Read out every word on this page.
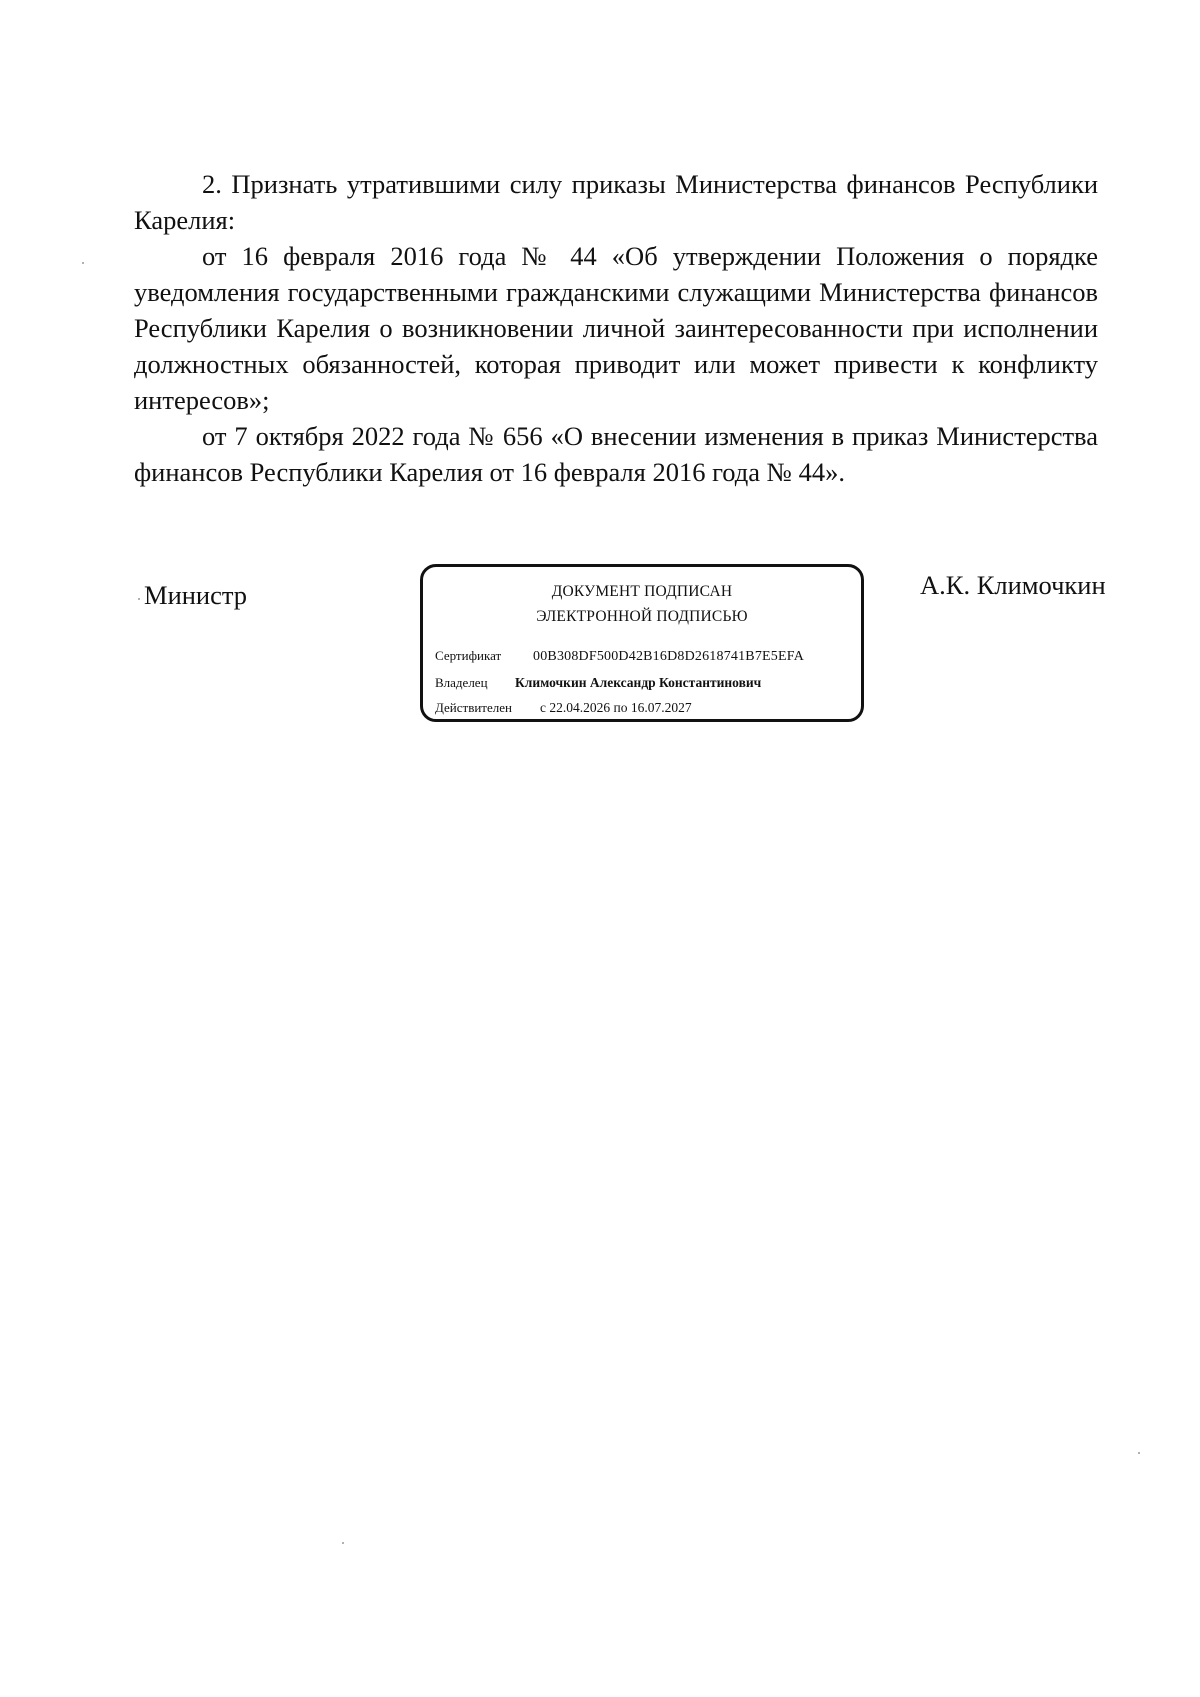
2. Признать утратившими силу приказы Министерства финансов Республики Карелия:

от 16 февраля 2016 года № 44 «Об утверждении Положения о порядке уведомления государственными гражданскими служащими Министерства финансов Республики Карелия о возникновении личной заинтересованности при исполнении должностных обязанностей, которая приводит или может привести к конфликту интересов»;

от 7 октября 2022 года № 656 «О внесении изменения в приказ Министерства финансов Республики Карелия от 16 февраля 2016 года № 44».

Министр	ДОКУМЕНТ ПОДПИСАН
ЭЛЕКТРОННОЙ ПОДПИСЬЮ
Сертификат 00B308DF500D42B16D8D2618741B7E5EFA
Владелец Климочкин Александр Константинович
Действителен с 22.04.2026 по 16.07.2027
А.К. Климочкин
